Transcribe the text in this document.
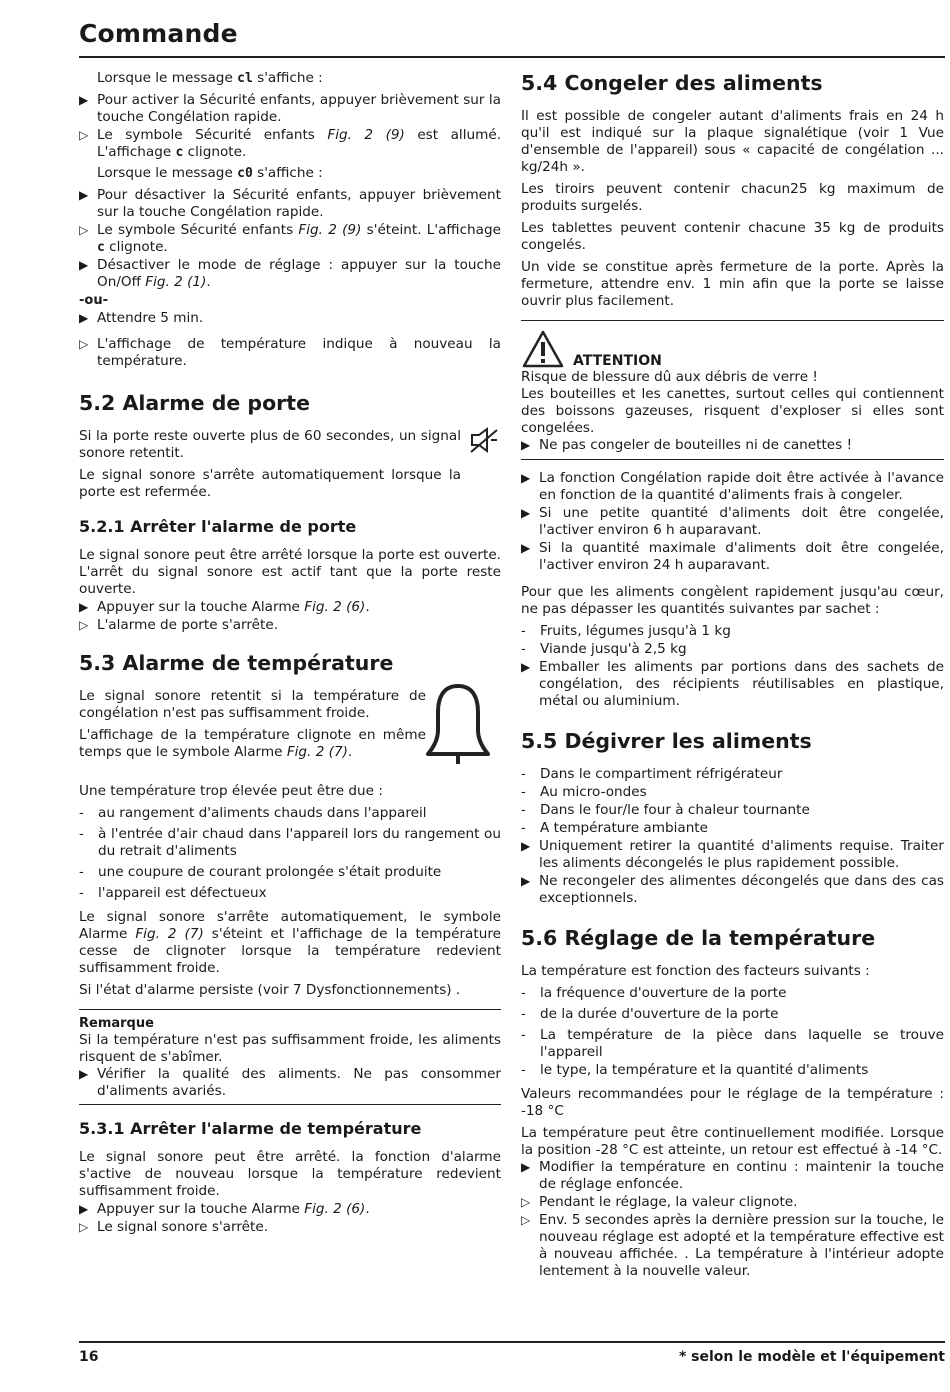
Commande

Lorsque le message cl s'affiche :

▶ Pour activer la Sécurité enfants, appuyer brièvement sur la touche Congélation rapide.
▷ Le symbole Sécurité enfants Fig. 2 (9) est allumé. L'affichage c clignote.

Lorsque le message c0 s'affiche :

▶ Pour désactiver la Sécurité enfants, appuyer brièvement sur la touche Congélation rapide.
▷ Le symbole Sécurité enfants Fig. 2 (9) s'éteint. L'affichage c clignote.
▶ Désactiver le mode de réglage : appuyer sur la touche On/Off Fig. 2 (1).
-ou-
▶ Attendre 5 min.
▷ L'affichage de température indique à nouveau la température.
5.2 Alarme de porte

Si la porte reste ouverte plus de 60 secondes, un signal sonore retentit.

Le signal sonore s'arrête automatiquement lorsque la porte est refermée.

5.2.1 Arrêter l'alarme de porte

Le signal sonore peut être arrêté lorsque la porte est ouverte. L'arrêt du signal sonore est actif tant que la porte reste ouverte.

▶ Appuyer sur la touche Alarme Fig. 2 (6).
▷ L'alarme de porte s'arrête.
5.3 Alarme de température

Le signal sonore retentit si la température de congélation n'est pas suffisamment froide.

L'affichage de la température clignote en même temps que le symbole Alarme Fig. 2 (7).

Une température trop élevée peut être due :

-	au rangement d'aliments chauds dans l'appareil
-	à l'entrée d'air chaud dans l'appareil lors du rangement ou du retrait d'aliments
-	une coupure de courant prolongée s'était produite
-	l'appareil est défectueux

Le signal sonore s'arrête automatiquement, le symbole Alarme Fig. 2 (7) s'éteint et l'affichage de la température cesse de clignoter lorsque la température redevient suffisamment froide.

Si l'état d'alarme persiste (voir 7 Dysfonctionnements) .

Remarque

Si la température n'est pas suffisamment froide, les aliments risquent de s'abîmer.

▶ Vérifier la qualité des aliments. Ne pas consommer d'aliments avariés.
5.3.1 Arrêter l'alarme de température

Le signal sonore peut être arrêté. la fonction d'alarme s'active de nouveau lorsque la température redevient suffisamment froide.

▶ Appuyer sur la touche Alarme Fig. 2 (6).
▷ Le signal sonore s'arrête.
5.4 Congeler des aliments

Il est possible de congeler autant d'aliments frais en 24 h qu'il est indiqué sur la plaque signalétique (voir 1 Vue d'ensemble de l'appareil) sous « capacité de congélation ... kg/24h ».

Les tiroirs peuvent contenir chacun25 kg maximum de produits surgelés.

Les tablettes peuvent contenir chacune 35 kg de produits congelés.

Un vide se constitue après fermeture de la porte. Après la fermeture, attendre env. 1 min afin que la porte se laisse ouvrir plus facilement.

ATTENTION

Risque de blessure dû aux débris de verre !

Les bouteilles et les canettes, surtout celles qui contiennent des boissons gazeuses, risquent d'exploser si elles sont congelées.

▶ Ne pas congeler de bouteilles ni de canettes !
▶ La fonction Congélation rapide doit être activée à l'avance en fonction de la quantité d'aliments frais à congeler.
▶ Si une petite quantité d'aliments doit être congelée, l'activer environ 6 h auparavant.
▶ Si la quantité maximale d'aliments doit être congelée, l'activer environ 24 h auparavant.

Pour que les aliments congèlent rapidement jusqu'au cœur, ne pas dépasser les quantités suivantes par sachet :

-	Fruits, légumes jusqu'à 1 kg
-	Viande jusqu'à 2,5 kg
▶ Emballer les aliments par portions dans des sachets de congélation, des récipients réutilisables en plastique, métal ou aluminium.
5.5 Dégivrer les aliments
-	Dans le compartiment réfrigérateur
-	Au micro-ondes
-	Dans le four/le four à chaleur tournante
-	A température ambiante
▶ Uniquement retirer la quantité d'aliments requise. Traiter les aliments décongelés le plus rapidement possible.
▶ Ne recongeler des alimentes décongelés que dans des cas exceptionnels.
5.6 Réglage de la température

La température est fonction des facteurs suivants :

-	la fréquence d'ouverture de la porte
-	de la durée d'ouverture de la porte
-	La température de la pièce dans laquelle se trouve l'appareil
-	le type, la température et la quantité d'aliments

Valeurs recommandées pour le réglage de la température : -18 °C

La température peut être continuellement modifiée. Lorsque la position -28 °C est atteinte, un retour est effectué à -14 °C.

▶ Modifier la température en continu : maintenir la touche de réglage enfoncée.
▷ Pendant le réglage, la valeur clignote.
▷ Env. 5 secondes après la dernière pression sur la touche, le nouveau réglage est adopté et la température effective est à nouveau affichée. . La température à l'intérieur adopte lentement à la nouvelle valeur.
16	* selon le modèle et l'équipement
